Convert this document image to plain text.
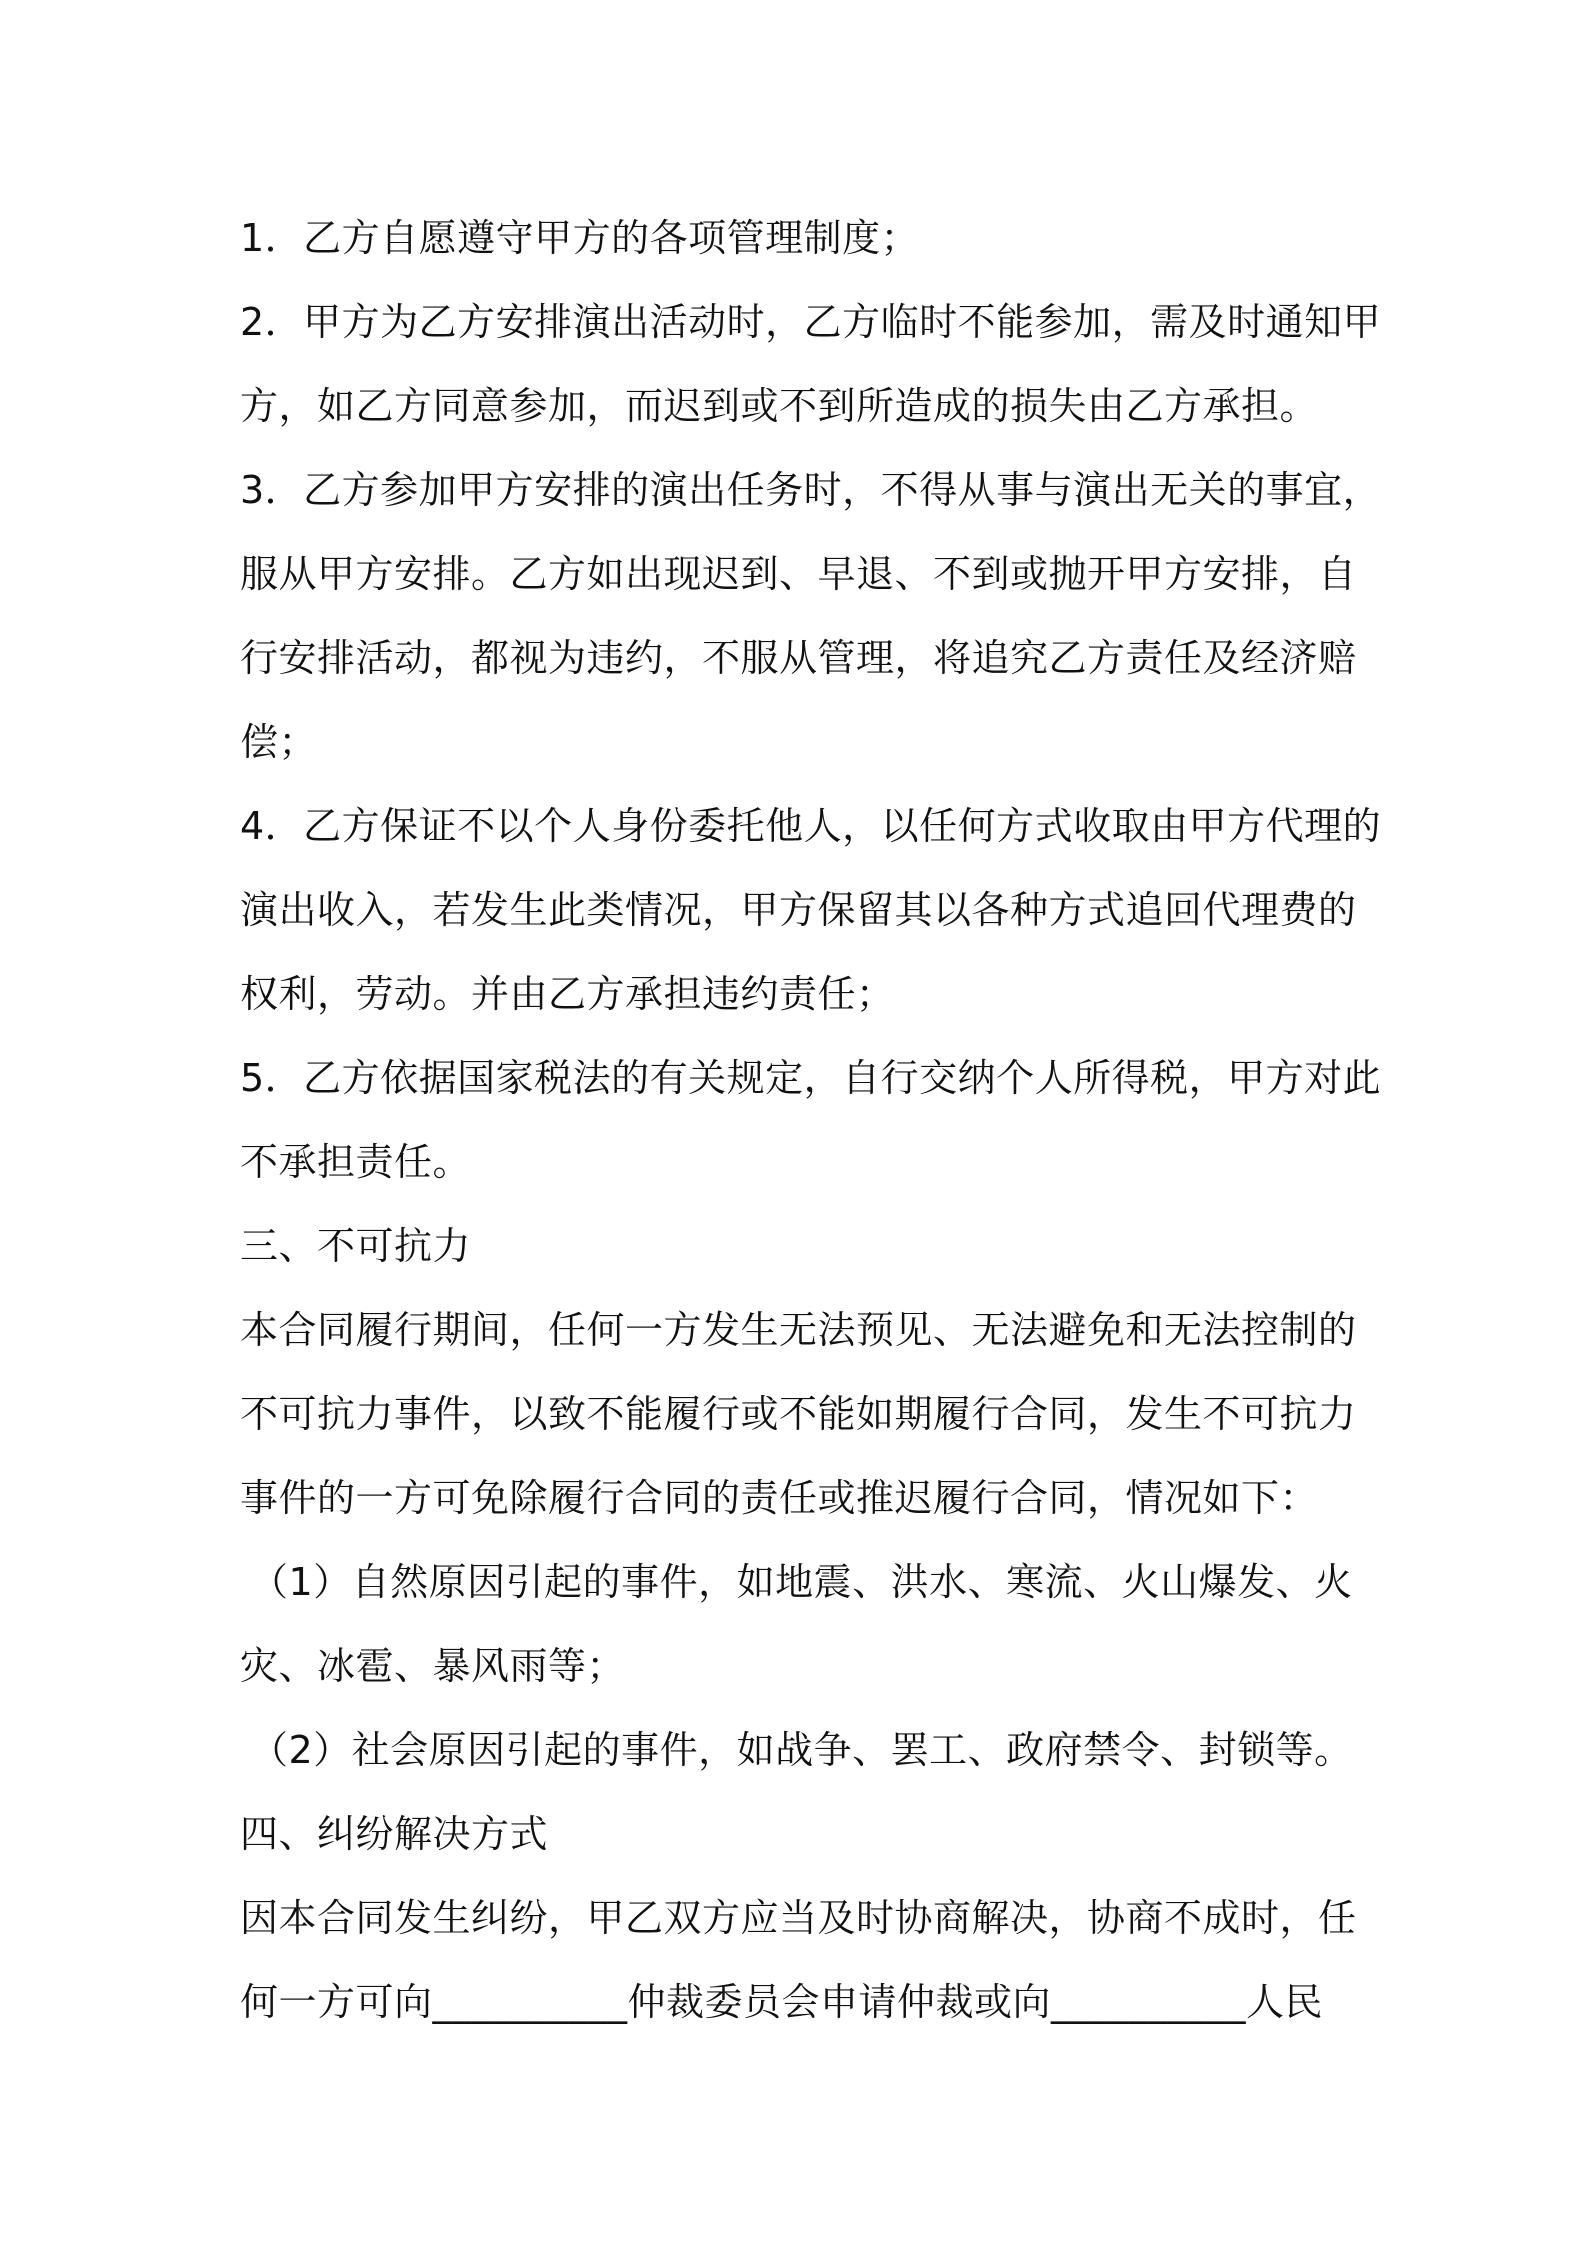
1．乙方自愿遵守甲方的各项管理制度；
2．甲方为乙方安排演出活动时，乙方临时不能参加，需及时通知甲
方，如乙方同意参加，而迟到或不到所造成的损失由乙方承担。
3．乙方参加甲方安排的演出任务时，不得从事与演出无关的事宜，
服从甲方安排。乙方如出现迟到、早退、不到或抛开甲方安排，自
行安排活动，都视为违约，不服从管理，将追究乙方责任及经济赔
偿；
4．乙方保证不以个人身份委托他人，以任何方式收取由甲方代理的
演出收入，若发生此类情况，甲方保留其以各种方式追回代理费的
权利，劳动。并由乙方承担违约责任；
5．乙方依据国家税法的有关规定，自行交纳个人所得税，甲方对此
不承担责任。
三、不可抗力
本合同履行期间，任何一方发生无法预见、无法避免和无法控制的
不可抗力事件，以致不能履行或不能如期履行合同，发生不可抗力
事件的一方可免除履行合同的责任或推迟履行合同，情况如下：
（1）自然原因引起的事件，如地震、洪水、寒流、火山爆发、火
灾、冰雹、暴风雨等；
（2）社会原因引起的事件，如战争、罢工、政府禁令、封锁等。
四、纠纷解决方式
因本合同发生纠纷，甲乙双方应当及时协商解决，协商不成时，任
何一方可向__________仲裁委员会申请仲裁或向__________人民
